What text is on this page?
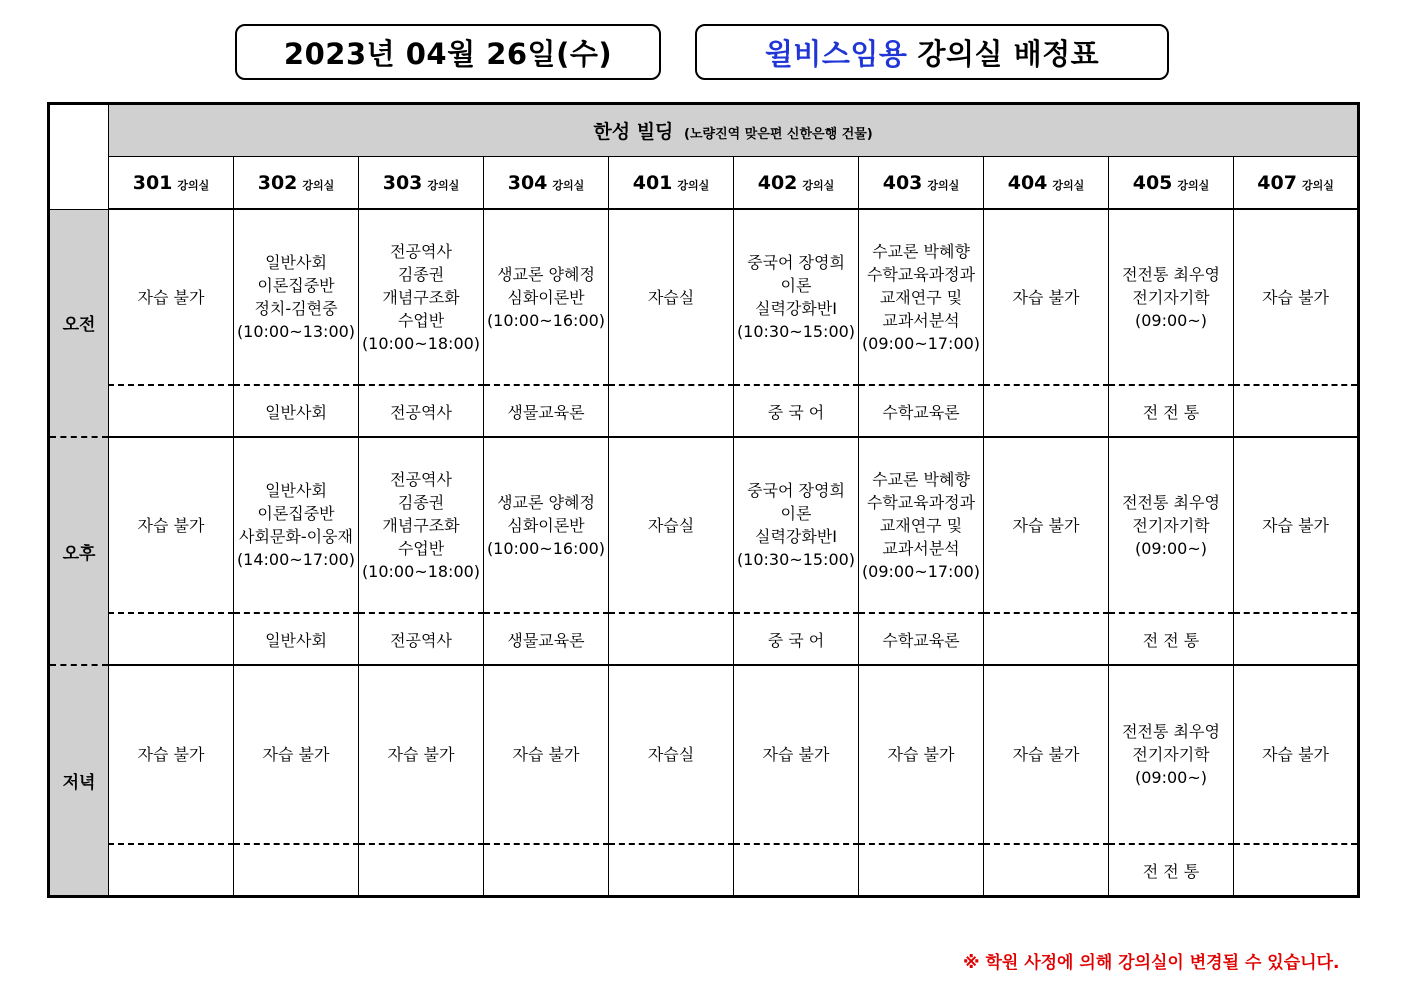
2023년 04월 26일(수)	윌비스임용 강의실 배정표
	한성 빌딩 (노량진역 맞은편 신한은행 건물)									
	301 강의실	302 강의실	303 강의실	304 강의실	401 강의실	402 강의실	403 강의실	404 강의실	405 강의실	407 강의실
오전	자습 불가	일반사회
이론집중반
정치-김현중
(10:00~13:00)	전공역사
김종권
개념구조화
수업반
(10:00~18:00)	생교론 양혜정
심화이론반
(10:00~16:00)	자습실	중국어 장영희
이론
실력강화반Ⅰ
(10:30~15:00)	수교론 박혜향
수학교육과정과
교재연구 및
교과서분석
(09:00~17:00)	자습 불가	전전통 최우영
전기자기학
(09:00~)	자습 불가

		일반사회	전공역사	생물교육론		중 국 어	수학교육론		전 전 통	
오후	자습 불가	일반사회
이론집중반
사회문화-이웅재
(14:00~17:00)	전공역사
김종권
개념구조화
수업반
(10:00~18:00)	생교론 양혜정
심화이론반
(10:00~16:00)	자습실	중국어 장영희
이론
실력강화반Ⅰ
(10:30~15:00)	수교론 박혜향
수학교육과정과
교재연구 및
교과서분석
(09:00~17:00)	자습 불가	전전통 최우영
전기자기학
(09:00~)	자습 불가

		일반사회	전공역사	생물교육론		중 국 어	수학교육론		전 전 통	
저녁	자습 불가	자습 불가	자습 불가	자습 불가	자습실	자습 불가	자습 불가	자습 불가	전전통 최우영
전기자기학
(09:00~)	자습 불가

									전 전 통	
※ 학원 사정에 의해 강의실이 변경될 수 있습니다.
